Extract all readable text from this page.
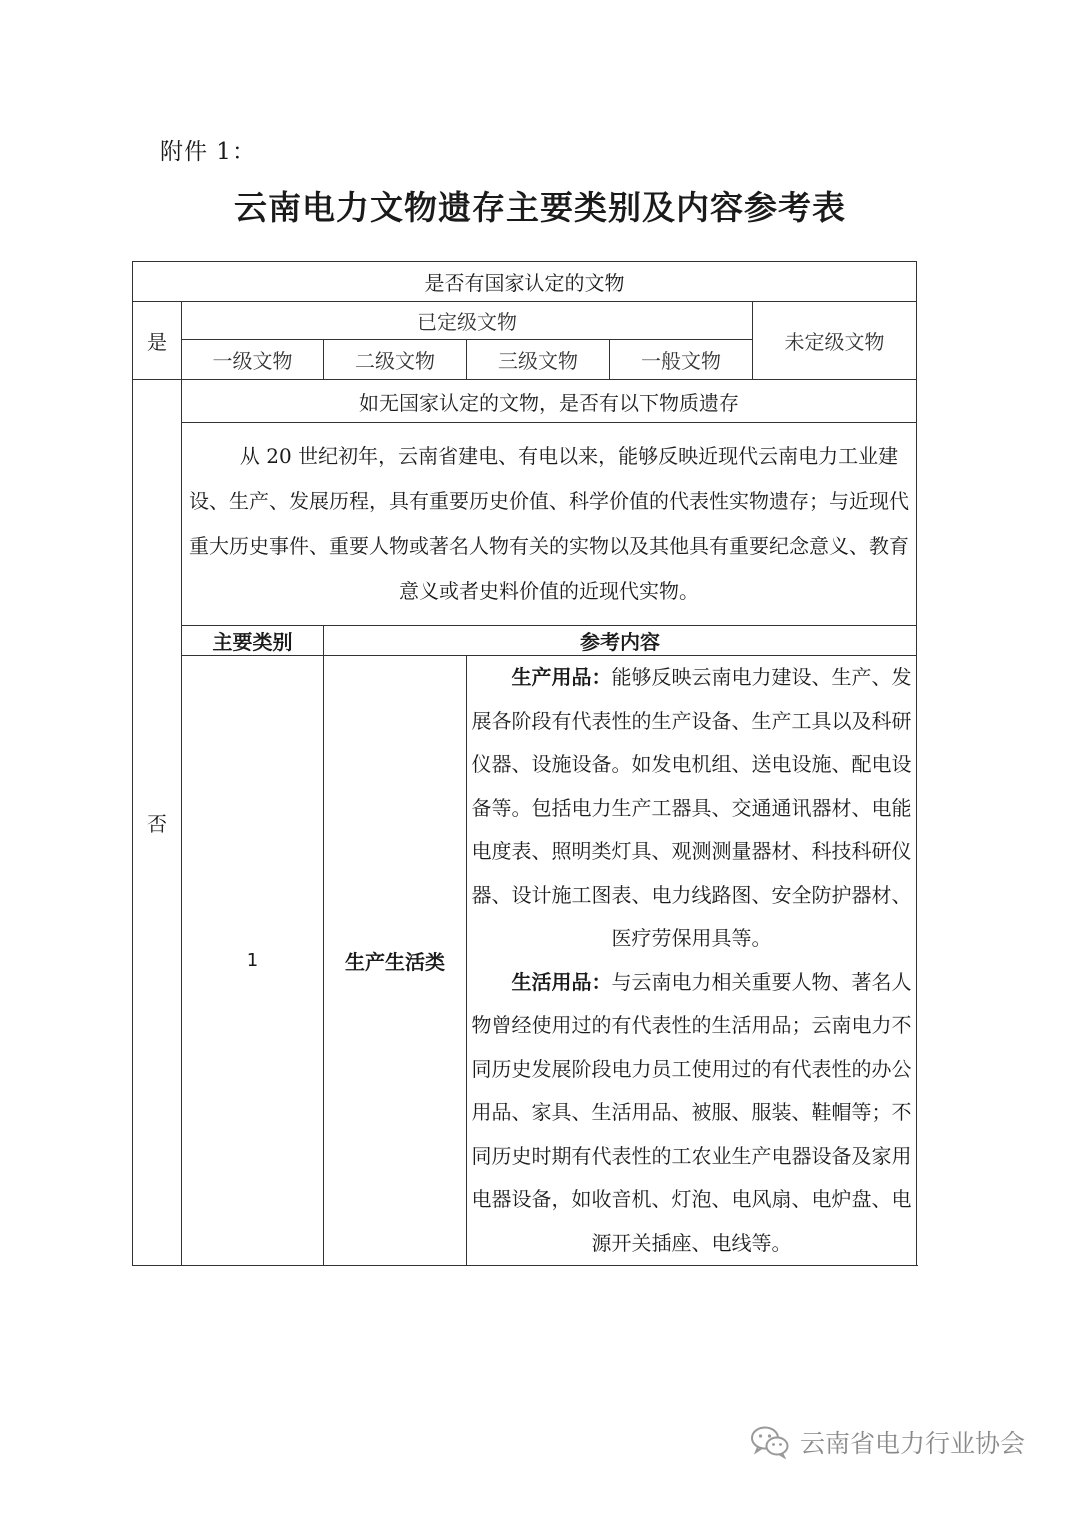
附件 1：
云南电力文物遗存主要类别及内容参考表
是否有国家认定的文物					
是	已定级文物				未定级文物
	一级文物	二级文物	三级文物	一般文物	
否	如无国家认定的文物，是否有以下物质遗存				

	从 20 世纪初年，云南省建电、有电以来，能够反映近现代云南电力工业建设、生产、发展历程，具有重要历史价值、科学价值的代表性实物遗存；与近现代重大历史事件、重要人物或著名人物有关的实物以及其他具有重要纪念意义、教育意义或者史料价值的近现代实物。				

	主要类别	参考内容			
	1	生产生活类	生产用品：能够反映云南电力建设、生产、发展各阶段有代表性的生产设备、生产工具以及科研仪器、设施设备。如发电机组、送电设施、配电设备等。包括电力生产工器具、交通通讯器材、电能电度表、照明类灯具、观测测量器材、科技科研仪器、设计施工图表、电力线路图、安全防护器材、医疗劳保用具等。

生活用品：与云南电力相关重要人物、著名人物曾经使用过的有代表性的生活用品；云南电力不同历史发展阶段电力员工使用过的有代表性的办公用品、家具、生活用品、被服、服装、鞋帽等；不同历史时期有代表性的工农业生产电器设备及家用电器设备，如收音机、灯泡、电风扇、电炉盘、电源开关插座、电线等。		

云南省电力行业协会
